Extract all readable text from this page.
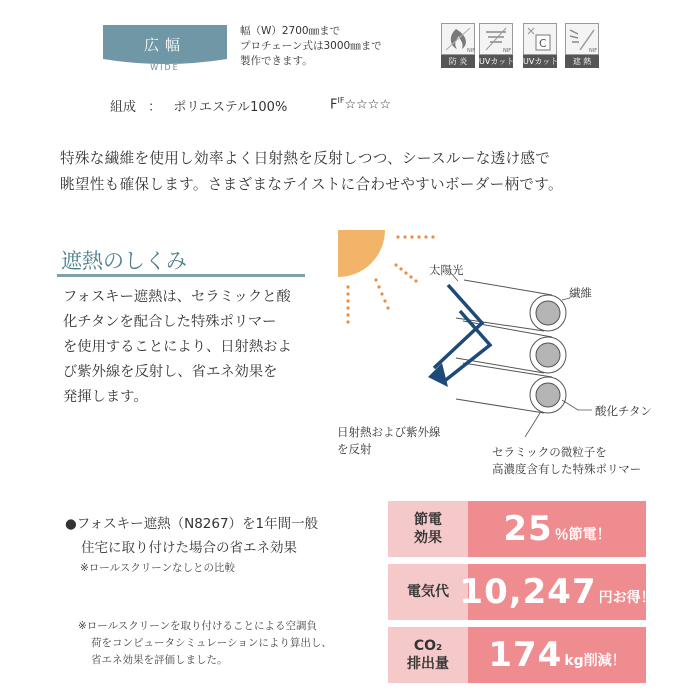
広幅
WIDE
幅（W）2700㎜まで
プロチェーン式は3000㎜まで
製作できます。
NIF
防 炎
NIF
UVカット
C
UVカット
NIF
遮 熱
組成 ： ポリエステル100%	$F^{IF}☆☆☆☆$
特殊な繊維を使用し効率よく日射熱を反射しつつ、シースルーな透け感で
眺望性も確保します。さまざまなテイストに合わせやすいボーダー柄です。
遮熱のしくみ
フォスキー遮熱は、セラミックと酸
化チタンを配合した特殊ポリマー
を使用することにより、日射熱およ
び紫外線を反射し、省エネ効果を
発揮します。
太陽光
繊維
酸化チタン
日射熱および紫外線
を反射	セラミックの微粒子を
高濃度含有した特殊ポリマー
●フォスキー遮熱（N8267）を1年間一般
住宅に取り付けた場合の省エネ効果
※ロールスクリーンなしとの比較
※ロールスクリーンを取り付けることによる空調負
荷をコンピュータシミュレーションにより算出し、
省エネ効果を評価しました。
節電
効果 25 ％節電！
電気代 10,247 円お得！
CO₂
排出量 174 kg削減！
